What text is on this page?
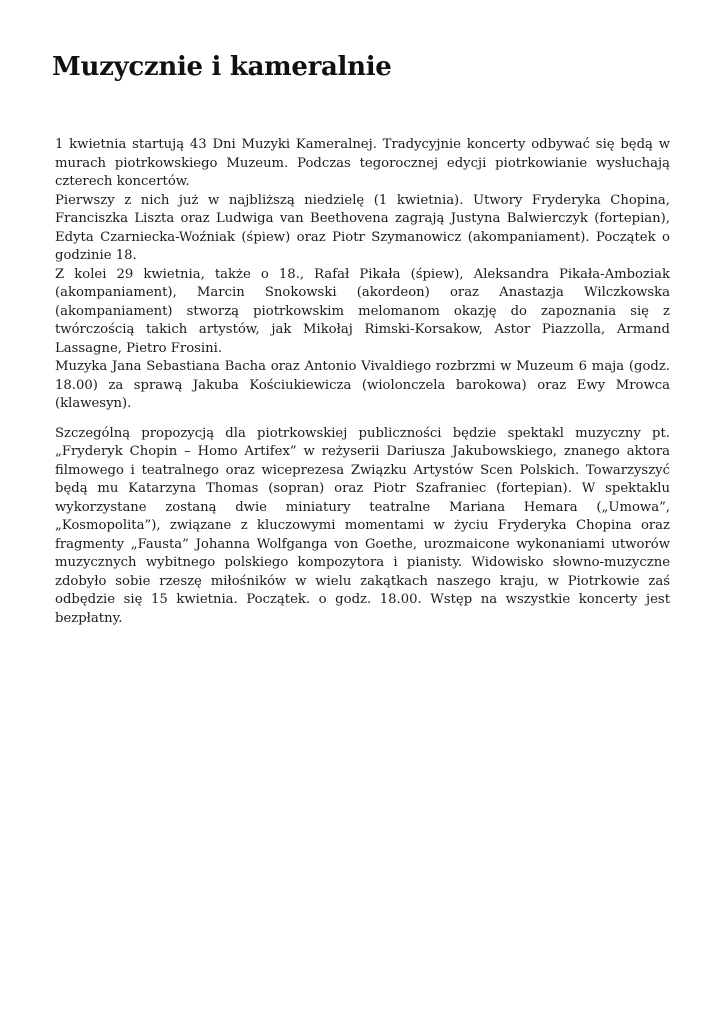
Muzycznie i kameralnie

1 kwietnia startują 43 Dni Muzyki Kameralnej. Tradycyjnie koncerty odbywać się będą w murach piotrkowskiego Muzeum. Podczas tegorocznej edycji piotrkowianie wysłuchają czterech koncertów.

Pierwszy z nich już w najbliższą niedzielę (1 kwietnia). Utwory Fryderyka Chopina, Franciszka Liszta oraz Ludwiga van Beethovena zagrają Justyna Balwierczyk (fortepian), Edyta Czarniecka-Woźniak (śpiew) oraz Piotr Szymanowicz (akompaniament). Początek o godzinie 18.

Z kolei 29 kwietnia, także o 18., Rafał Pikała (śpiew), Aleksandra Pikała-Amboziak (akompaniament), Marcin Snokowski (akordeon) oraz Anastazja Wilczkowska (akompaniament) stworzą piotrkowskim melomanom okazję do zapoznania się z twórczością takich artystów, jak Mikołaj Rimski-Korsakow, Astor Piazzolla, Armand Lassagne, Pietro Frosini.

Muzyka Jana Sebastiana Bacha oraz Antonio Vivaldiego rozbrzmi w Muzeum 6 maja (godz. 18.00) za sprawą Jakuba Kościukiewicza (wiolonczela barokowa) oraz Ewy Mrowca (klawesyn).

Szczególną propozycją dla piotrkowskiej publiczności będzie spektakl muzyczny pt. „Fryderyk Chopin – Homo Artifex” w reżyserii Dariusza Jakubowskiego, znanego aktora filmowego i teatralnego oraz wiceprezesa Związku Artystów Scen Polskich. Towarzyszyć będą mu Katarzyna Thomas (sopran) oraz Piotr Szafraniec (fortepian). W spektaklu wykorzystane zostaną dwie miniatury teatralne Mariana Hemara („Umowa”, „Kosmopolita”), związane z kluczowymi momentami w życiu Fryderyka Chopina oraz fragmenty „Fausta” Johanna Wolfganga von Goethe, urozmaicone wykonaniami utworów muzycznych wybitnego polskiego kompozytora i pianisty. Widowisko słowno-muzyczne zdobyło sobie rzeszę miłośników w wielu zakątkach naszego kraju, w Piotrkowie zaś odbędzie się 15 kwietnia. Początek. o godz. 18.00. Wstęp na wszystkie koncerty jest bezpłatny.
